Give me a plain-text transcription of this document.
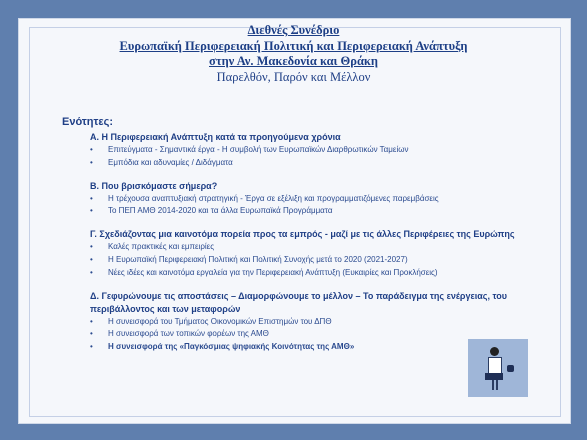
Διεθνές Συνέδριο
Ευρωπαϊκή Περιφερειακή Πολιτική και Περιφερειακή Ανάπτυξη
στην Αν. Μακεδονία και Θράκη
Παρελθόν, Παρόν και Μέλλον
Ενότητες:
Α. Η Περιφερειακή Ανάπτυξη κατά τα προηγούμενα χρόνια
• Επιτεύγματα - Σημαντικά έργα - Η συμβολή των Ευρωπαϊκών Διαρθρωτικών Ταμείων
• Εμπόδια και αδυναμίες / Διδάγματα
Β. Που βρισκόμαστε σήμερα?
• Η τρέχουσα αναπτυξιακή στρατηγική - Έργα σε εξέλιξη και προγραμματιζόμενες παρεμβάσεις
• Το ΠΕΠ ΑΜΘ 2014-2020 και τα άλλα Ευρωπαϊκά Προγράμματα
Γ. Σχεδιάζοντας μια καινοτόμα πορεία προς τα εμπρός - μαζί με τις άλλες Περιφέρειες της Ευρώπης
• Καλές πρακτικές και εμπειρίες
• Η Ευρωπαϊκή Περιφερειακή Πολιτική και Πολιτική Συνοχής μετά το 2020 (2021-2027)
• Νέες ιδέες και καινοτόμα εργαλεία για την Περιφερειακή Ανάπτυξη (Ευκαιρίες και Προκλήσεις)
Δ. Γεφυρώνουμε τις αποστάσεις – Διαμορφώνουμε το μέλλον – Το παράδειγμα της ενέργειας, του περιβάλλοντος και των μεταφορών
• Η συνεισφορά του Τμήματος Οικονομικών Επιστημών του ΔΠΘ
• Η συνεισφορά των τοπικών φορέων της ΑΜΘ
• Η συνεισφορά της «Παγκόσμιας ψηφιακής Κοινότητας της ΑΜΘ»
